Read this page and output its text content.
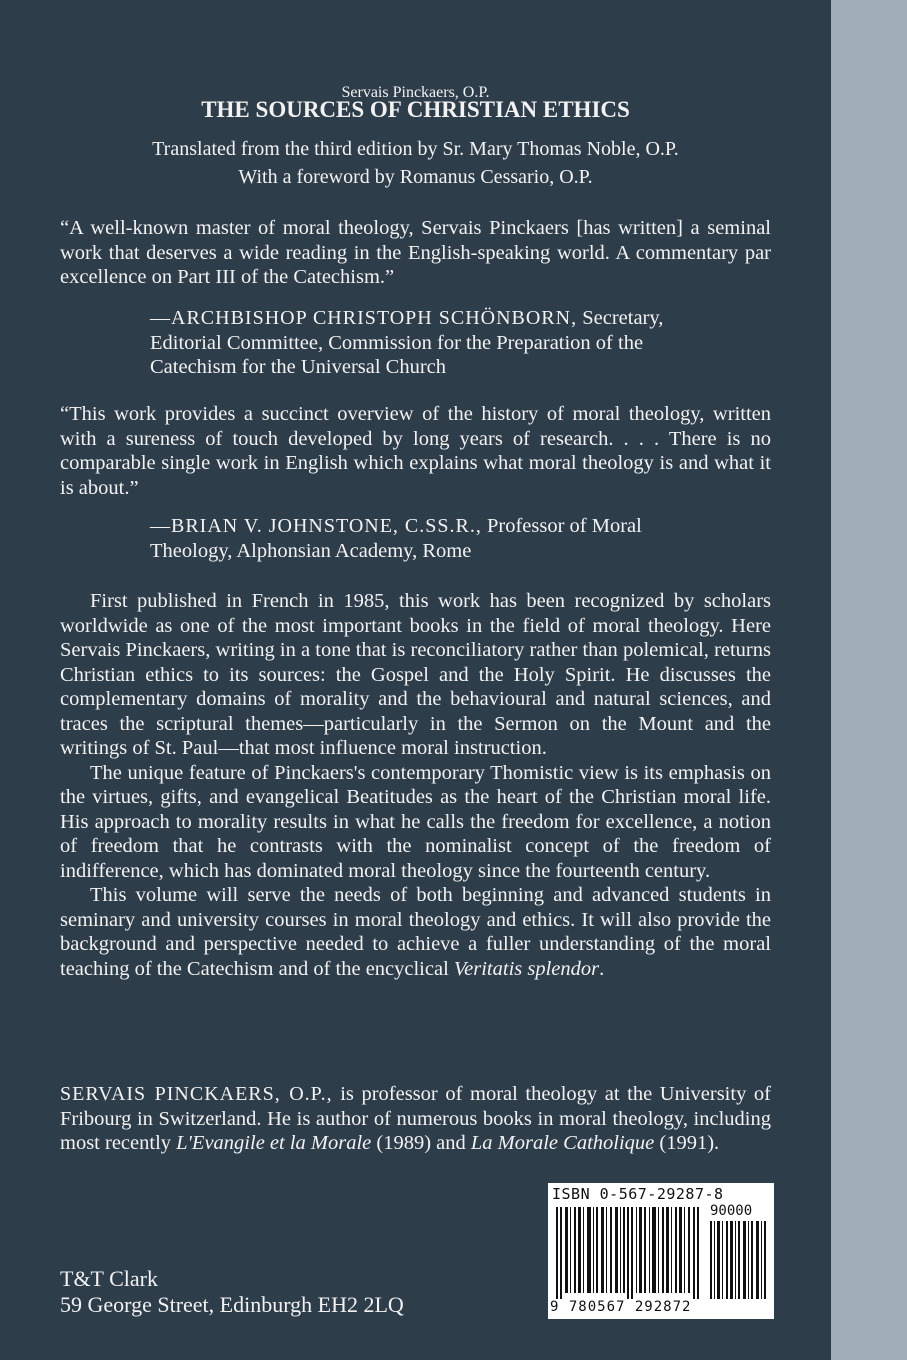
Servais Pinckaers, O.P.
THE SOURCES OF CHRISTIAN ETHICS
Translated from the third edition by Sr. Mary Thomas Noble, O.P.
With a foreword by Romanus Cessario, O.P.

“A well-known master of moral theology, Servais Pinckaers [has written] a seminal work that deserves a wide reading in the English-speaking world. A commentary par excellence on Part III of the Catechism.”

—ARCHBISHOP CHRISTOPH SCHÖNBORN, Secretary, Editorial Committee, Commission for the Preparation of the Catechism for the Universal Church

“This work provides a succinct overview of the history of moral theology, written with a sureness of touch developed by long years of research. . . . There is no comparable single work in English which explains what moral theology is and what it is about.”

—BRIAN V. JOHNSTONE, C.SS.R., Professor of Moral Theology, Alphonsian Academy, Rome

First published in French in 1985, this work has been recognized by scholars worldwide as one of the most important books in the field of moral theology. Here Servais Pinckaers, writing in a tone that is reconciliatory rather than polemical, returns Christian ethics to its sources: the Gospel and the Holy Spirit. He discusses the complementary domains of morality and the behavioural and natural sciences, and traces the scriptural themes—particularly in the Sermon on the Mount and the writings of St. Paul—that most influence moral instruction.

The unique feature of Pinckaers's contemporary Thomistic view is its emphasis on the virtues, gifts, and evangelical Beatitudes as the heart of the Christian moral life. His approach to morality results in what he calls the freedom for excellence, a notion of freedom that he contrasts with the nominalist concept of the freedom of indifference, which has dominated moral theology since the fourteenth century.

This volume will serve the needs of both beginning and advanced students in seminary and university courses in moral theology and ethics. It will also provide the background and perspective needed to achieve a fuller understanding of the moral teaching of the Catechism and of the encyclical Veritatis splendor.

SERVAIS PINCKAERS, O.P., is professor of moral theology at the University of Fribourg in Switzerland. He is author of numerous books in moral theology, including most recently L'Evangile et la Morale (1989) and La Morale Catholique (1991).

ISBN 0-567-29287-8
90000
9 780567 292872
T&T Clark
59 George Street, Edinburgh EH2 2LQ
